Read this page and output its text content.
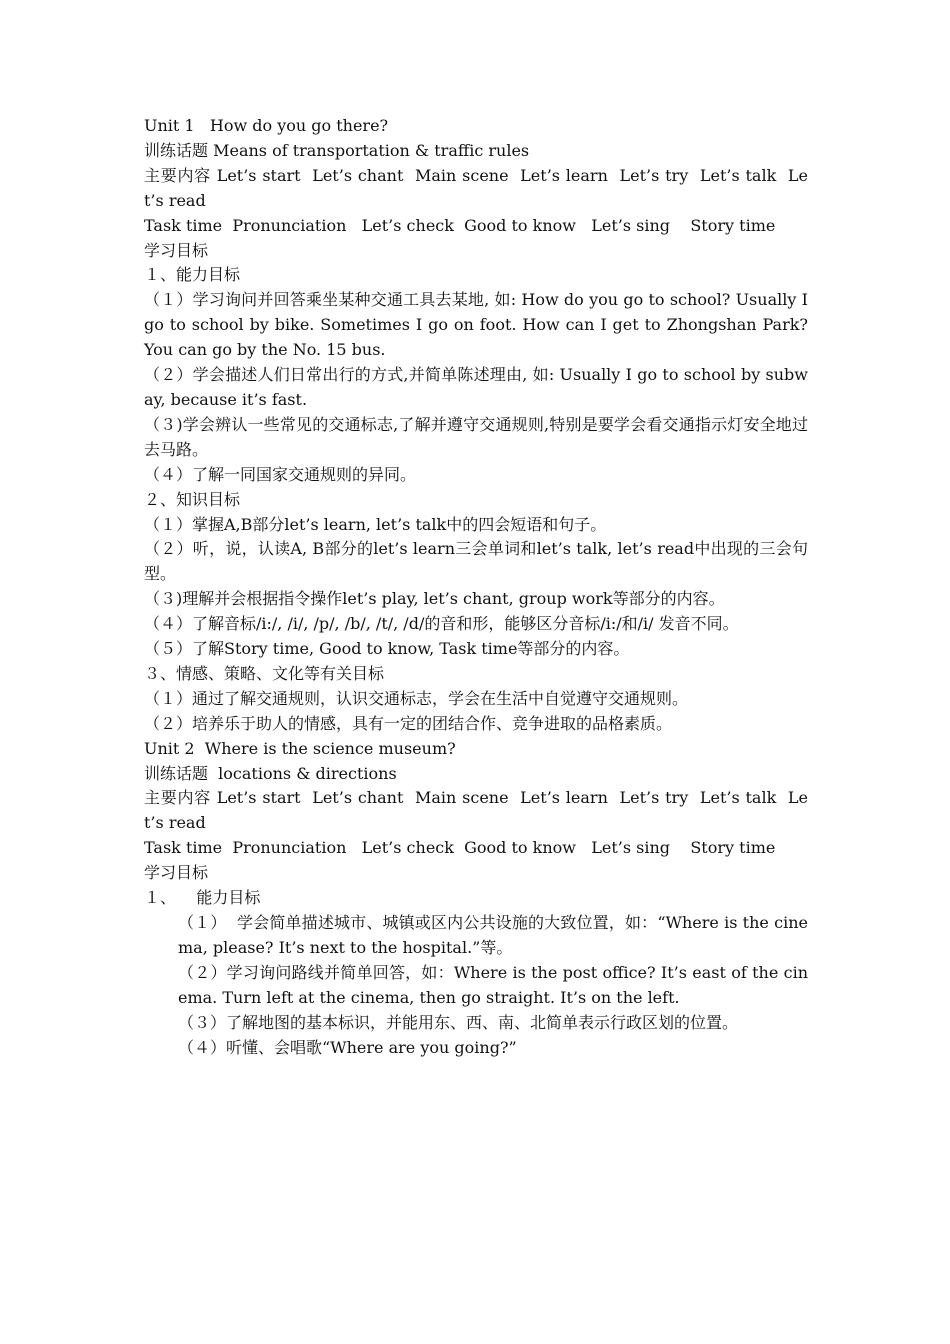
Unit 1   How do you go there?
训练话题 Means of transportation & traffic rules
主要内容 Let’s start  Let’s chant  Main scene  Let’s learn  Let’s try  Let’s talk  Let’s read
Task time  Pronunciation   Let’s check  Good to know   Let’s sing    Story time
学习目标
１、能力目标
（１）学习询问并回答乘坐某种交通工具去某地, 如: How do you go to school? Usually I go to school by bike. Sometimes I go on foot. How can I get to Zhongshan Park? You can go by the No. 15 bus.
（２）学会描述人们日常出行的方式,并简单陈述理由, 如: Usually I go to school by subway, because it’s fast.
（３)学会辨认一些常见的交通标志,了解并遵守交通规则,特别是要学会看交通指示灯安全地过去马路。
（４）了解一同国家交通规则的异同。
２、知识目标
（１）掌握A,B部分let’s learn, let’s talk中的四会短语和句子。
（２）听，说，认读A, B部分的let’s learn三会单词和let’s talk, let’s read中出现的三会句型。
（３)理解并会根据指令操作let’s play, let’s chant, group work等部分的内容。
（４）了解音标/i:/, /i/, /p/, /b/, /t/, /d/的音和形，能够区分音标/i:/和/i/ 发音不同。
（５）了解Story time, Good to know, Task time等部分的内容。
３、情感、策略、文化等有关目标
（１）通过了解交通规则，认识交通标志，学会在生活中自觉遵守交通规则。
（２）培养乐于助人的情感，具有一定的团结合作、竞争进取的品格素质。
Unit 2  Where is the science museum?
训练话题  locations & directions
主要内容 Let’s start  Let’s chant  Main scene  Let’s learn  Let’s try  Let’s talk  Let’s read
Task time  Pronunciation   Let’s check  Good to know   Let’s sing    Story time
学习目标
１、    能力目标
（１）  学会简单描述城市、城镇或区内公共设施的大致位置，如：“Where is the cinema, please? It’s next to the hospital.”等。
（２）学习询问路线并简单回答，如：Where is the post office? It’s east of the cinema. Turn left at the cinema, then go straight. It’s on the left.
（３）了解地图的基本标识，并能用东、西、南、北简单表示行政区划的位置。
（４）听懂、会唱歌“Where are you going?”
